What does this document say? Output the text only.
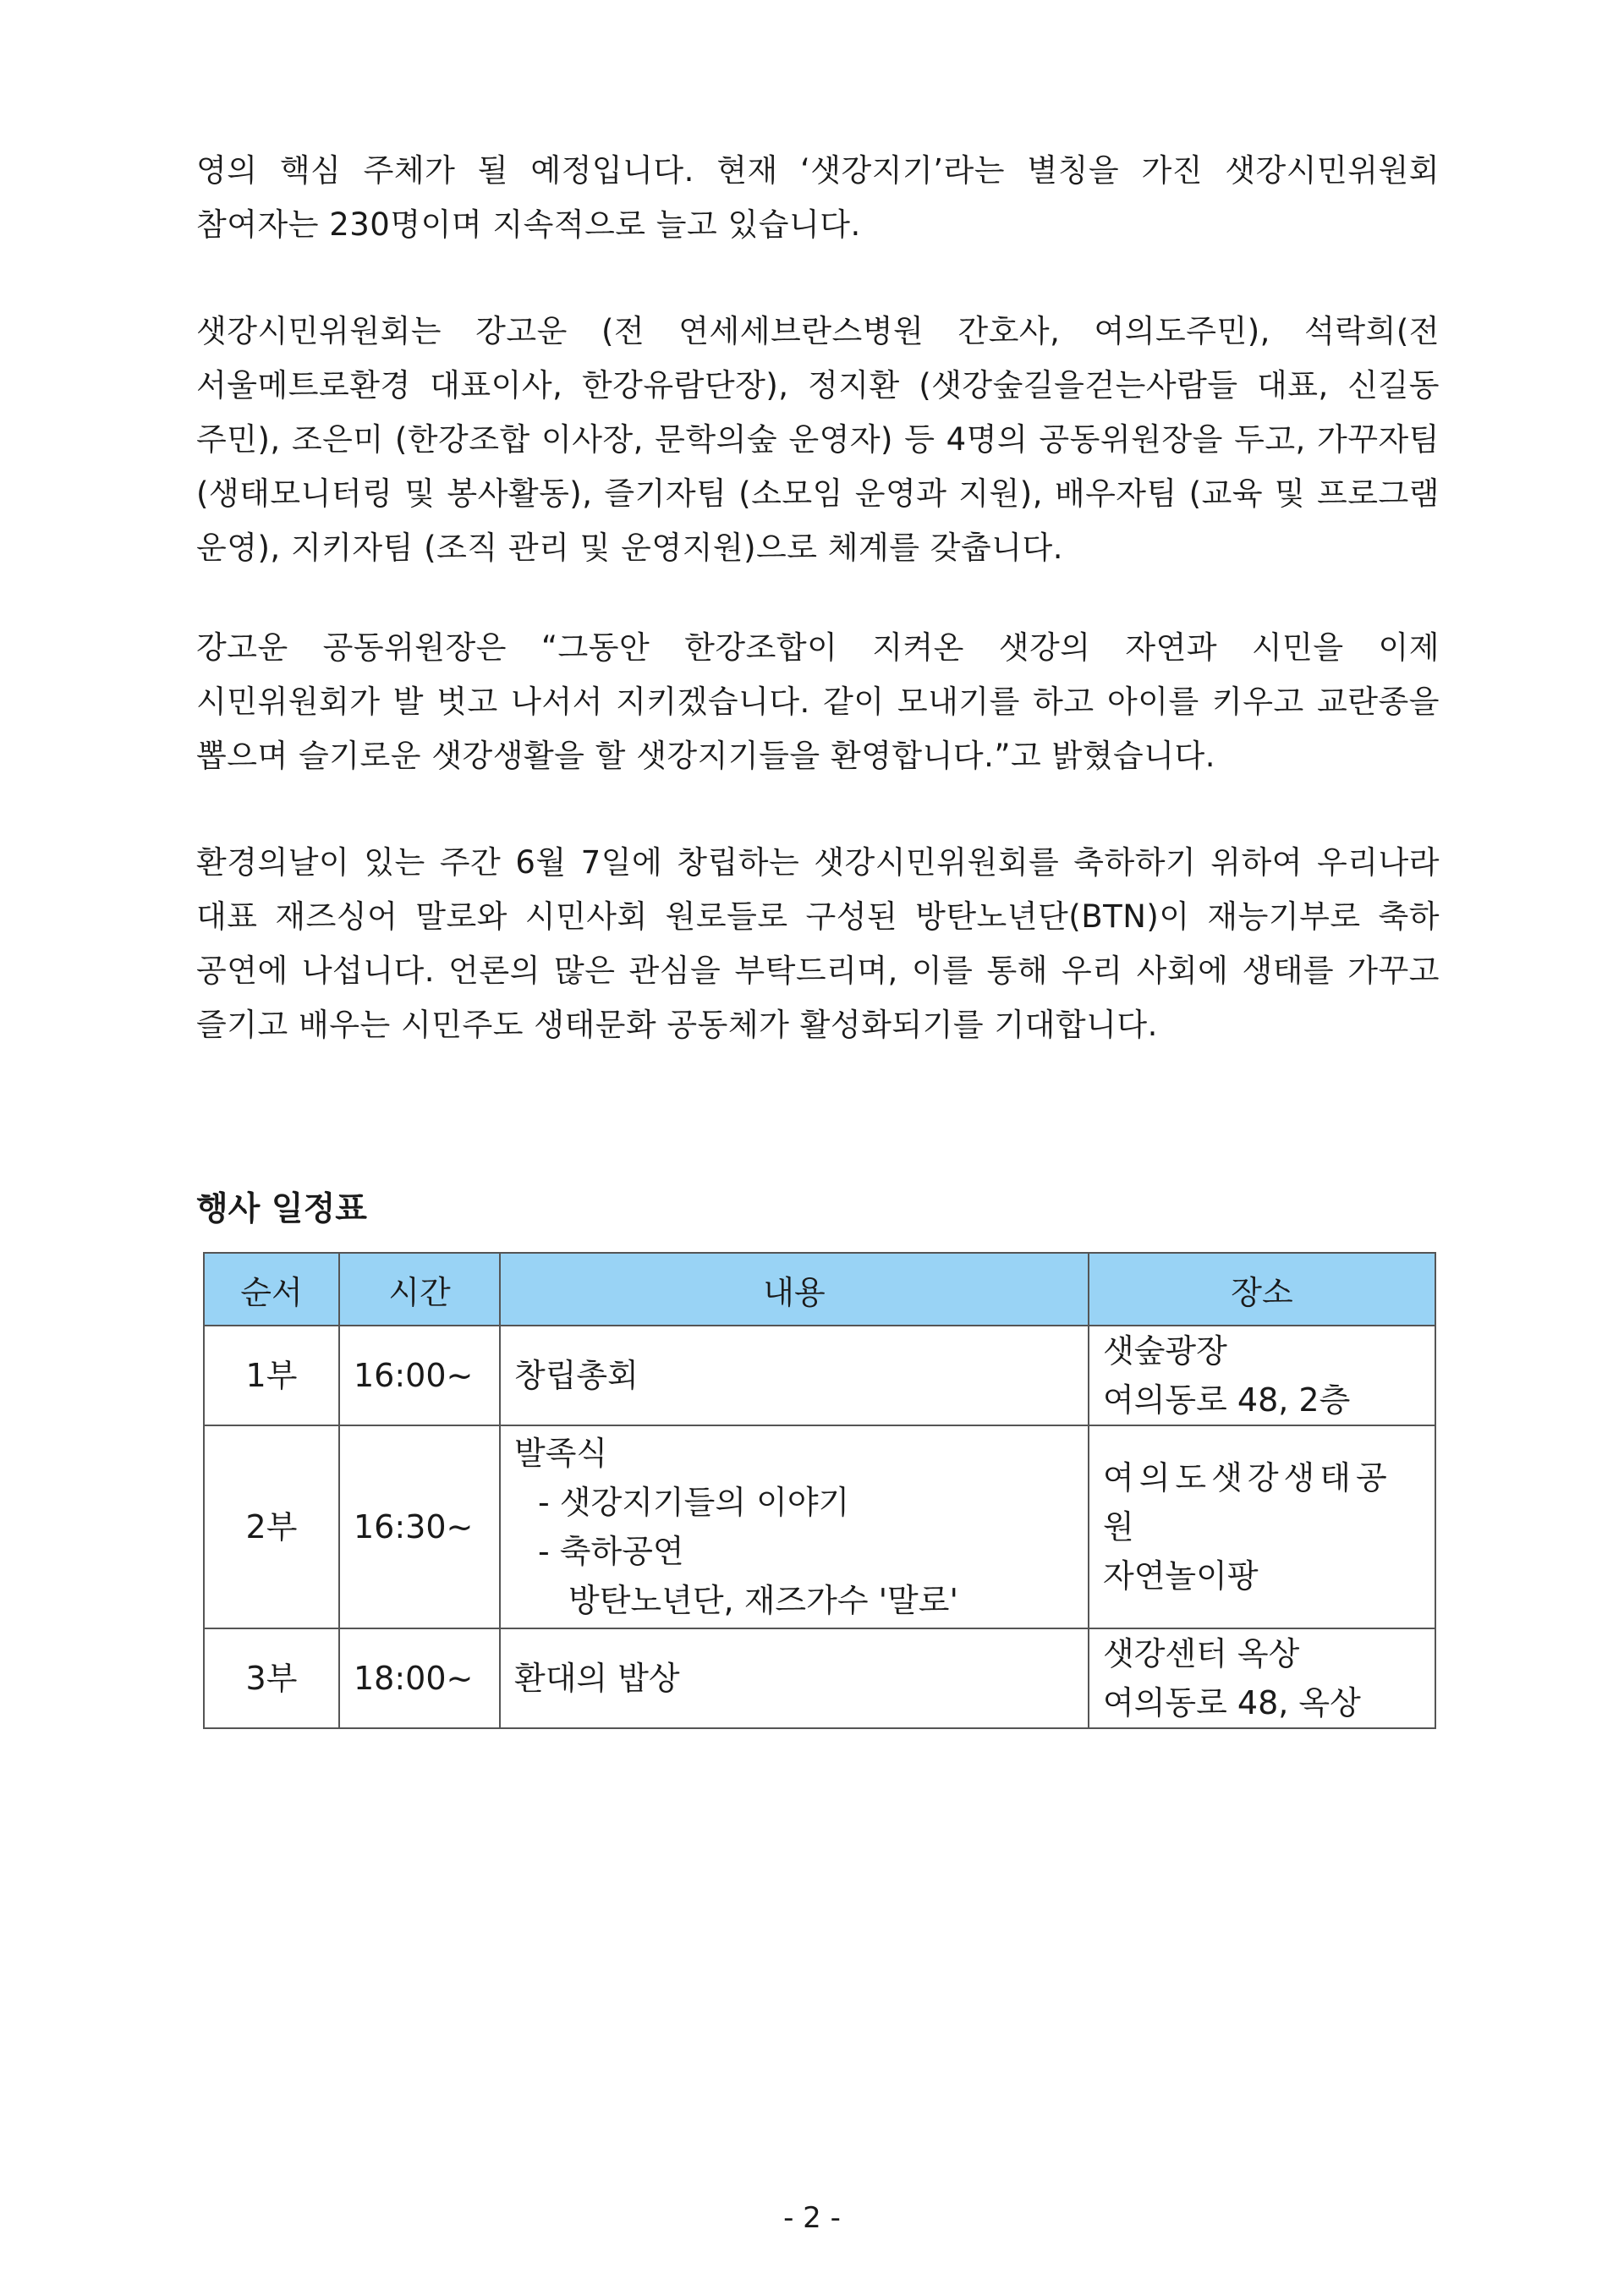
영의 핵심 주체가 될 예정입니다. 현재 ‘샛강지기’라는 별칭을 가진 샛강시민위원회 참여자는 230명이며 지속적으로 늘고 있습니다.

샛강시민위원회는 강고운 (전 연세세브란스병원 간호사, 여의도주민), 석락희(전 서울메트로환경 대표이사, 한강유람단장), 정지환 (샛강숲길을걷는사람들 대표, 신길동 주민), 조은미 (한강조합 이사장, 문학의숲 운영자) 등 4명의 공동위원장을 두고, 가꾸자팀 (생태모니터링 및 봉사활동), 즐기자팀 (소모임 운영과 지원), 배우자팀 (교육 및 프로그램 운영), 지키자팀 (조직 관리 및 운영지원)으로 체계를 갖춥니다.

강고운 공동위원장은 “그동안 한강조합이 지켜온 샛강의 자연과 시민을 이제 시민위원회가 발 벗고 나서서 지키겠습니다. 같이 모내기를 하고 아이를 키우고 교란종을 뽑으며 슬기로운 샛강생활을 할 샛강지기들을 환영합니다.”고 밝혔습니다.

환경의날이 있는 주간 6월 7일에 창립하는 샛강시민위원회를 축하하기 위하여 우리나라 대표 재즈싱어 말로와 시민사회 원로들로 구성된 방탄노년단(BTN)이 재능기부로 축하 공연에 나섭니다. 언론의 많은 관심을 부탁드리며, 이를 통해 우리 사회에 생태를 가꾸고 즐기고 배우는 시민주도 생태문화 공동체가 활성화되기를 기대합니다.

행사 일정표
순서	시간	내용	장소
1부	16:00~	창립총회	샛숲광장
여의동로 48, 2층

2부	16:30~	발족식
- 샛강지기들의 이야기
- 축하공연
방탄노년단, 재즈가수 '말로'	여의도샛강생태공원
자연놀이팡

3부	18:00~	환대의 밥상	샛강센터 옥상
여의동로 48, 옥상
- 2 -
